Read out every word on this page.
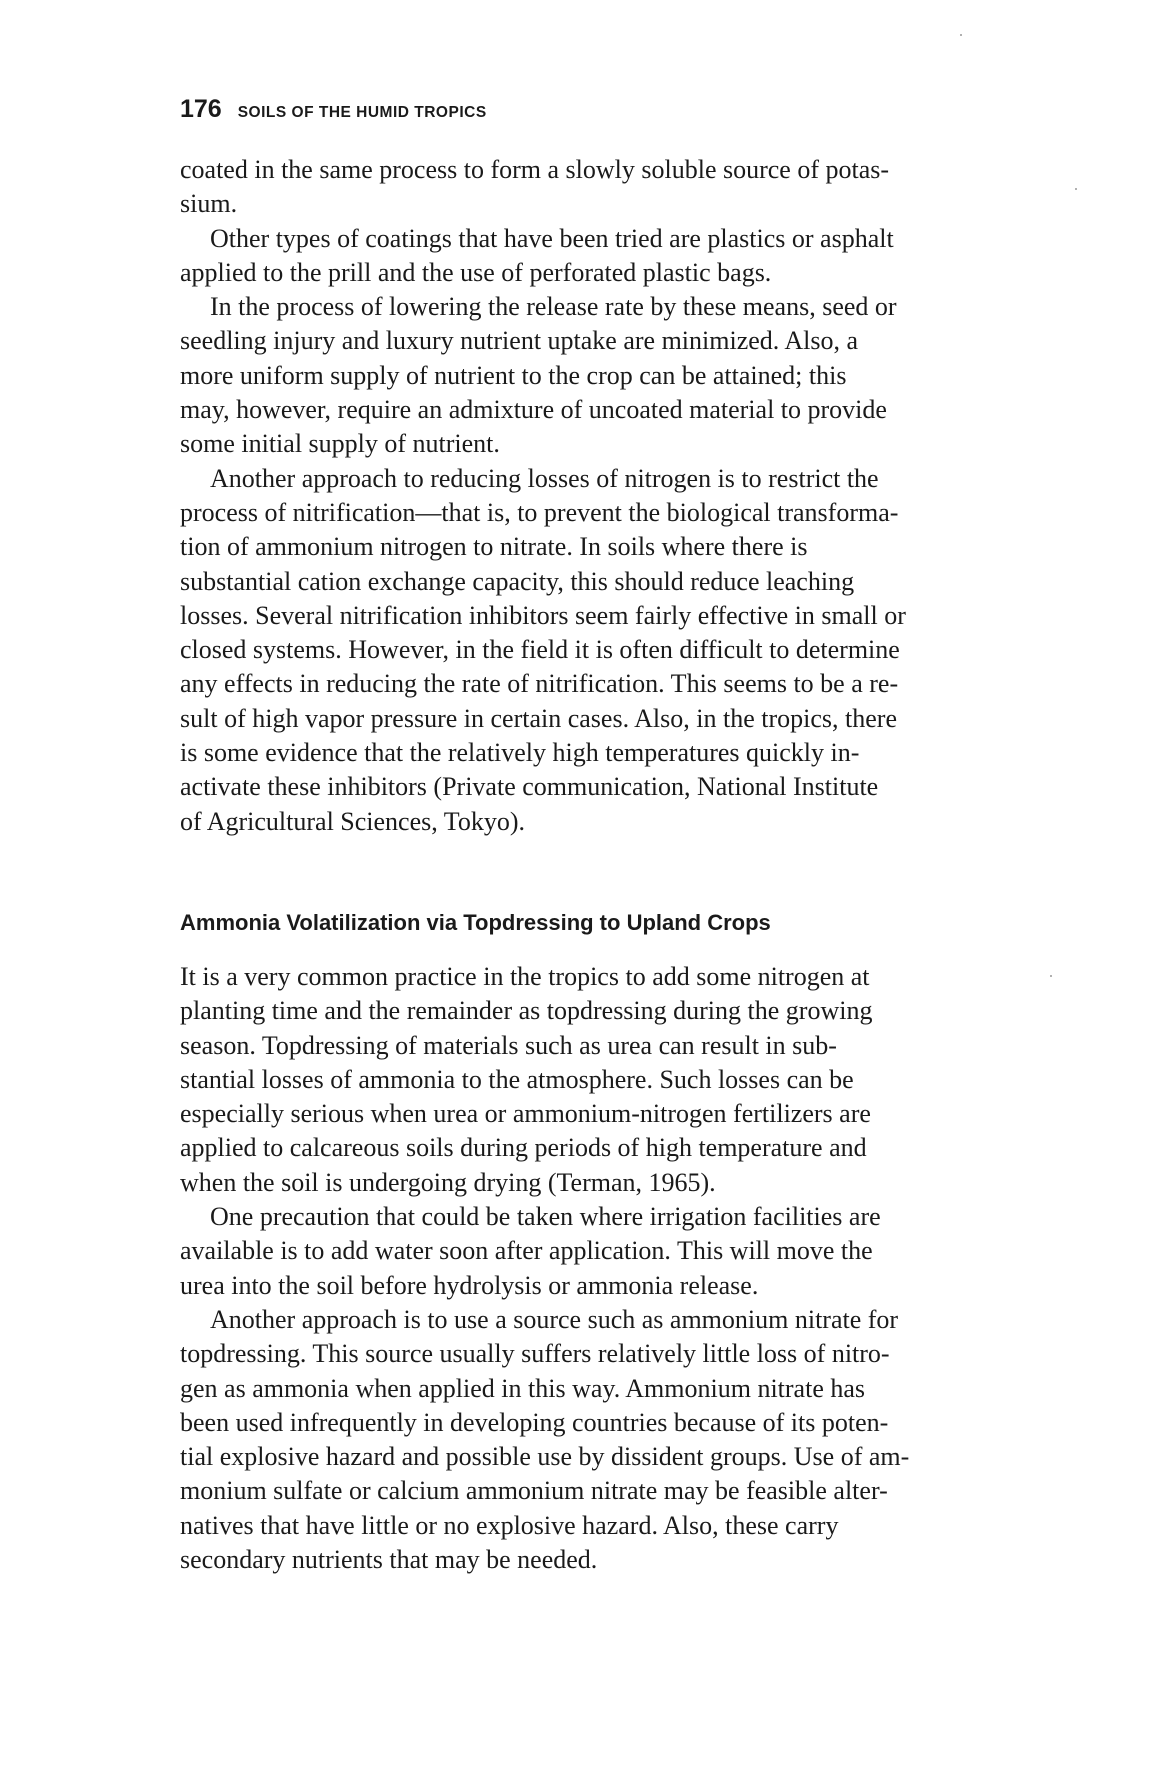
176 SOILS OF THE HUMID TROPICS

coated in the same process to form a slowly soluble source of potas-
sium.

Other types of coatings that have been tried are plastics or asphalt
applied to the prill and the use of perforated plastic bags.

In the process of lowering the release rate by these means, seed or
seedling injury and luxury nutrient uptake are minimized. Also, a
more uniform supply of nutrient to the crop can be attained; this
may, however, require an admixture of uncoated material to provide
some initial supply of nutrient.

Another approach to reducing losses of nitrogen is to restrict the
process of nitrification—that is, to prevent the biological transforma-
tion of ammonium nitrogen to nitrate. In soils where there is
substantial cation exchange capacity, this should reduce leaching
losses. Several nitrification inhibitors seem fairly effective in small or
closed systems. However, in the field it is often difficult to determine
any effects in reducing the rate of nitrification. This seems to be a re-
sult of high vapor pressure in certain cases. Also, in the tropics, there
is some evidence that the relatively high temperatures quickly in-
activate these inhibitors (Private communication, National Institute
of Agricultural Sciences, Tokyo).

Ammonia Volatilization via Topdressing to Upland Crops

It is a very common practice in the tropics to add some nitrogen at
planting time and the remainder as topdressing during the growing
season. Topdressing of materials such as urea can result in sub-
stantial losses of ammonia to the atmosphere. Such losses can be
especially serious when urea or ammonium-nitrogen fertilizers are
applied to calcareous soils during periods of high temperature and
when the soil is undergoing drying (Terman, 1965).

One precaution that could be taken where irrigation facilities are
available is to add water soon after application. This will move the
urea into the soil before hydrolysis or ammonia release.

Another approach is to use a source such as ammonium nitrate for
topdressing. This source usually suffers relatively little loss of nitro-
gen as ammonia when applied in this way. Ammonium nitrate has
been used infrequently in developing countries because of its poten-
tial explosive hazard and possible use by dissident groups. Use of am-
monium sulfate or calcium ammonium nitrate may be feasible alter-
natives that have little or no explosive hazard. Also, these carry
secondary nutrients that may be needed.
